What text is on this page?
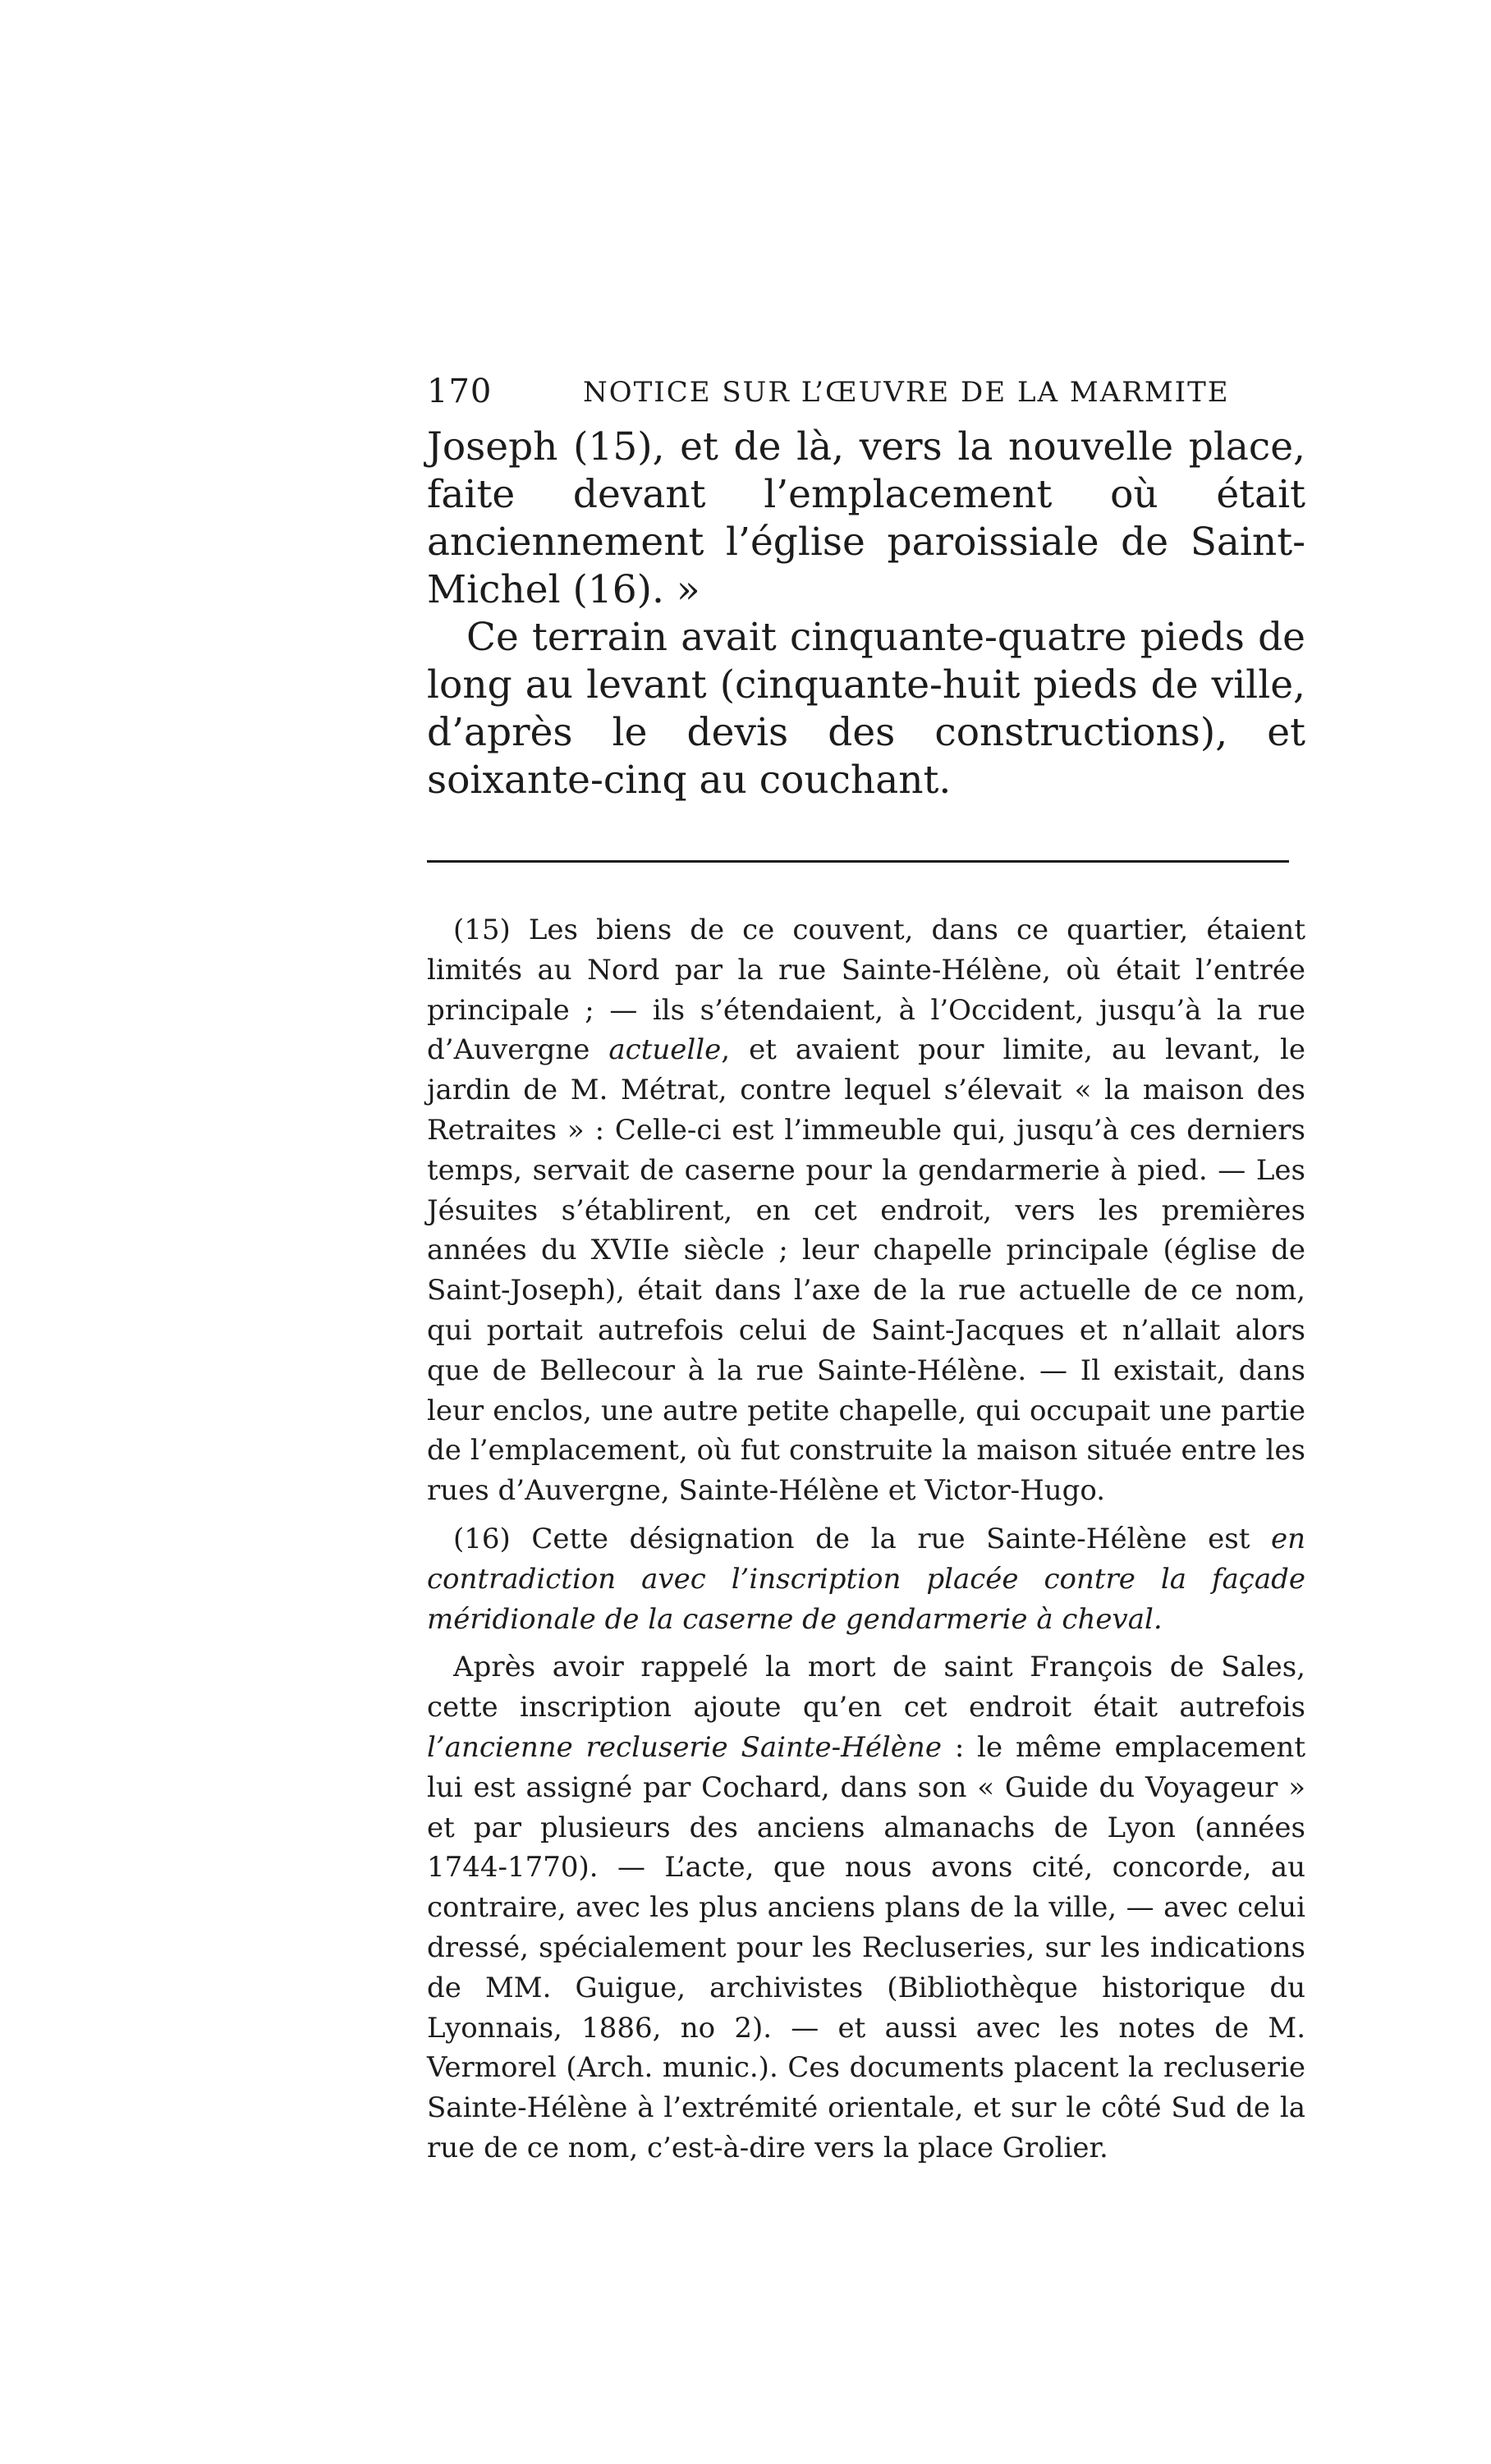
170	NOTICE SUR L’ŒUVRE DE LA MARMITE

Joseph (15), et de là, vers la nouvelle place, faite devant l’emplacement où était anciennement l’église paroissiale de Saint-Michel (16). »

Ce terrain avait cinquante-quatre pieds de long au levant (cinquante-huit pieds de ville, d’après le devis des constructions), et soixante-cinq au couchant.

(15) Les biens de ce couvent, dans ce quartier, étaient limités au Nord par la rue Sainte-Hélène, où était l’entrée principale ; — ils s’étendaient, à l’Occident, jusqu’à la rue d’Auvergne actuelle, et avaient pour limite, au levant, le jardin de M. Métrat, contre lequel s’élevait « la maison des Retraites » : Celle-ci est l’immeuble qui, jusqu’à ces derniers temps, servait de caserne pour la gendarmerie à pied. — Les Jésuites s’établirent, en cet endroit, vers les premières années du XVIIe siècle ; leur chapelle principale (église de Saint-Joseph), était dans l’axe de la rue actuelle de ce nom, qui portait autrefois celui de Saint-Jacques et n’allait alors que de Bellecour à la rue Sainte-Hélène. — Il existait, dans leur enclos, une autre petite chapelle, qui occupait une partie de l’emplacement, où fut construite la maison située entre les rues d’Auvergne, Sainte-Hélène et Victor-Hugo.

(16) Cette désignation de la rue Sainte-Hélène est en contradiction avec l’inscription placée contre la façade méridionale de la caserne de gendarmerie à cheval.

Après avoir rappelé la mort de saint François de Sales, cette inscription ajoute qu’en cet endroit était autrefois l’ancienne recluserie Sainte-Hélène : le même emplacement lui est assigné par Cochard, dans son « Guide du Voyageur » et par plusieurs des anciens almanachs de Lyon (années 1744-1770). — L’acte, que nous avons cité, concorde, au contraire, avec les plus anciens plans de la ville, — avec celui dressé, spécialement pour les Recluseries, sur les indications de MM. Guigue, archivistes (Bibliothèque historique du Lyonnais, 1886, no 2). — et aussi avec les notes de M. Vermorel (Arch. munic.). Ces documents placent la recluserie Sainte-Hélène à l’extrémité orientale, et sur le côté Sud de la rue de ce nom, c’est-à-dire vers la place Grolier.
